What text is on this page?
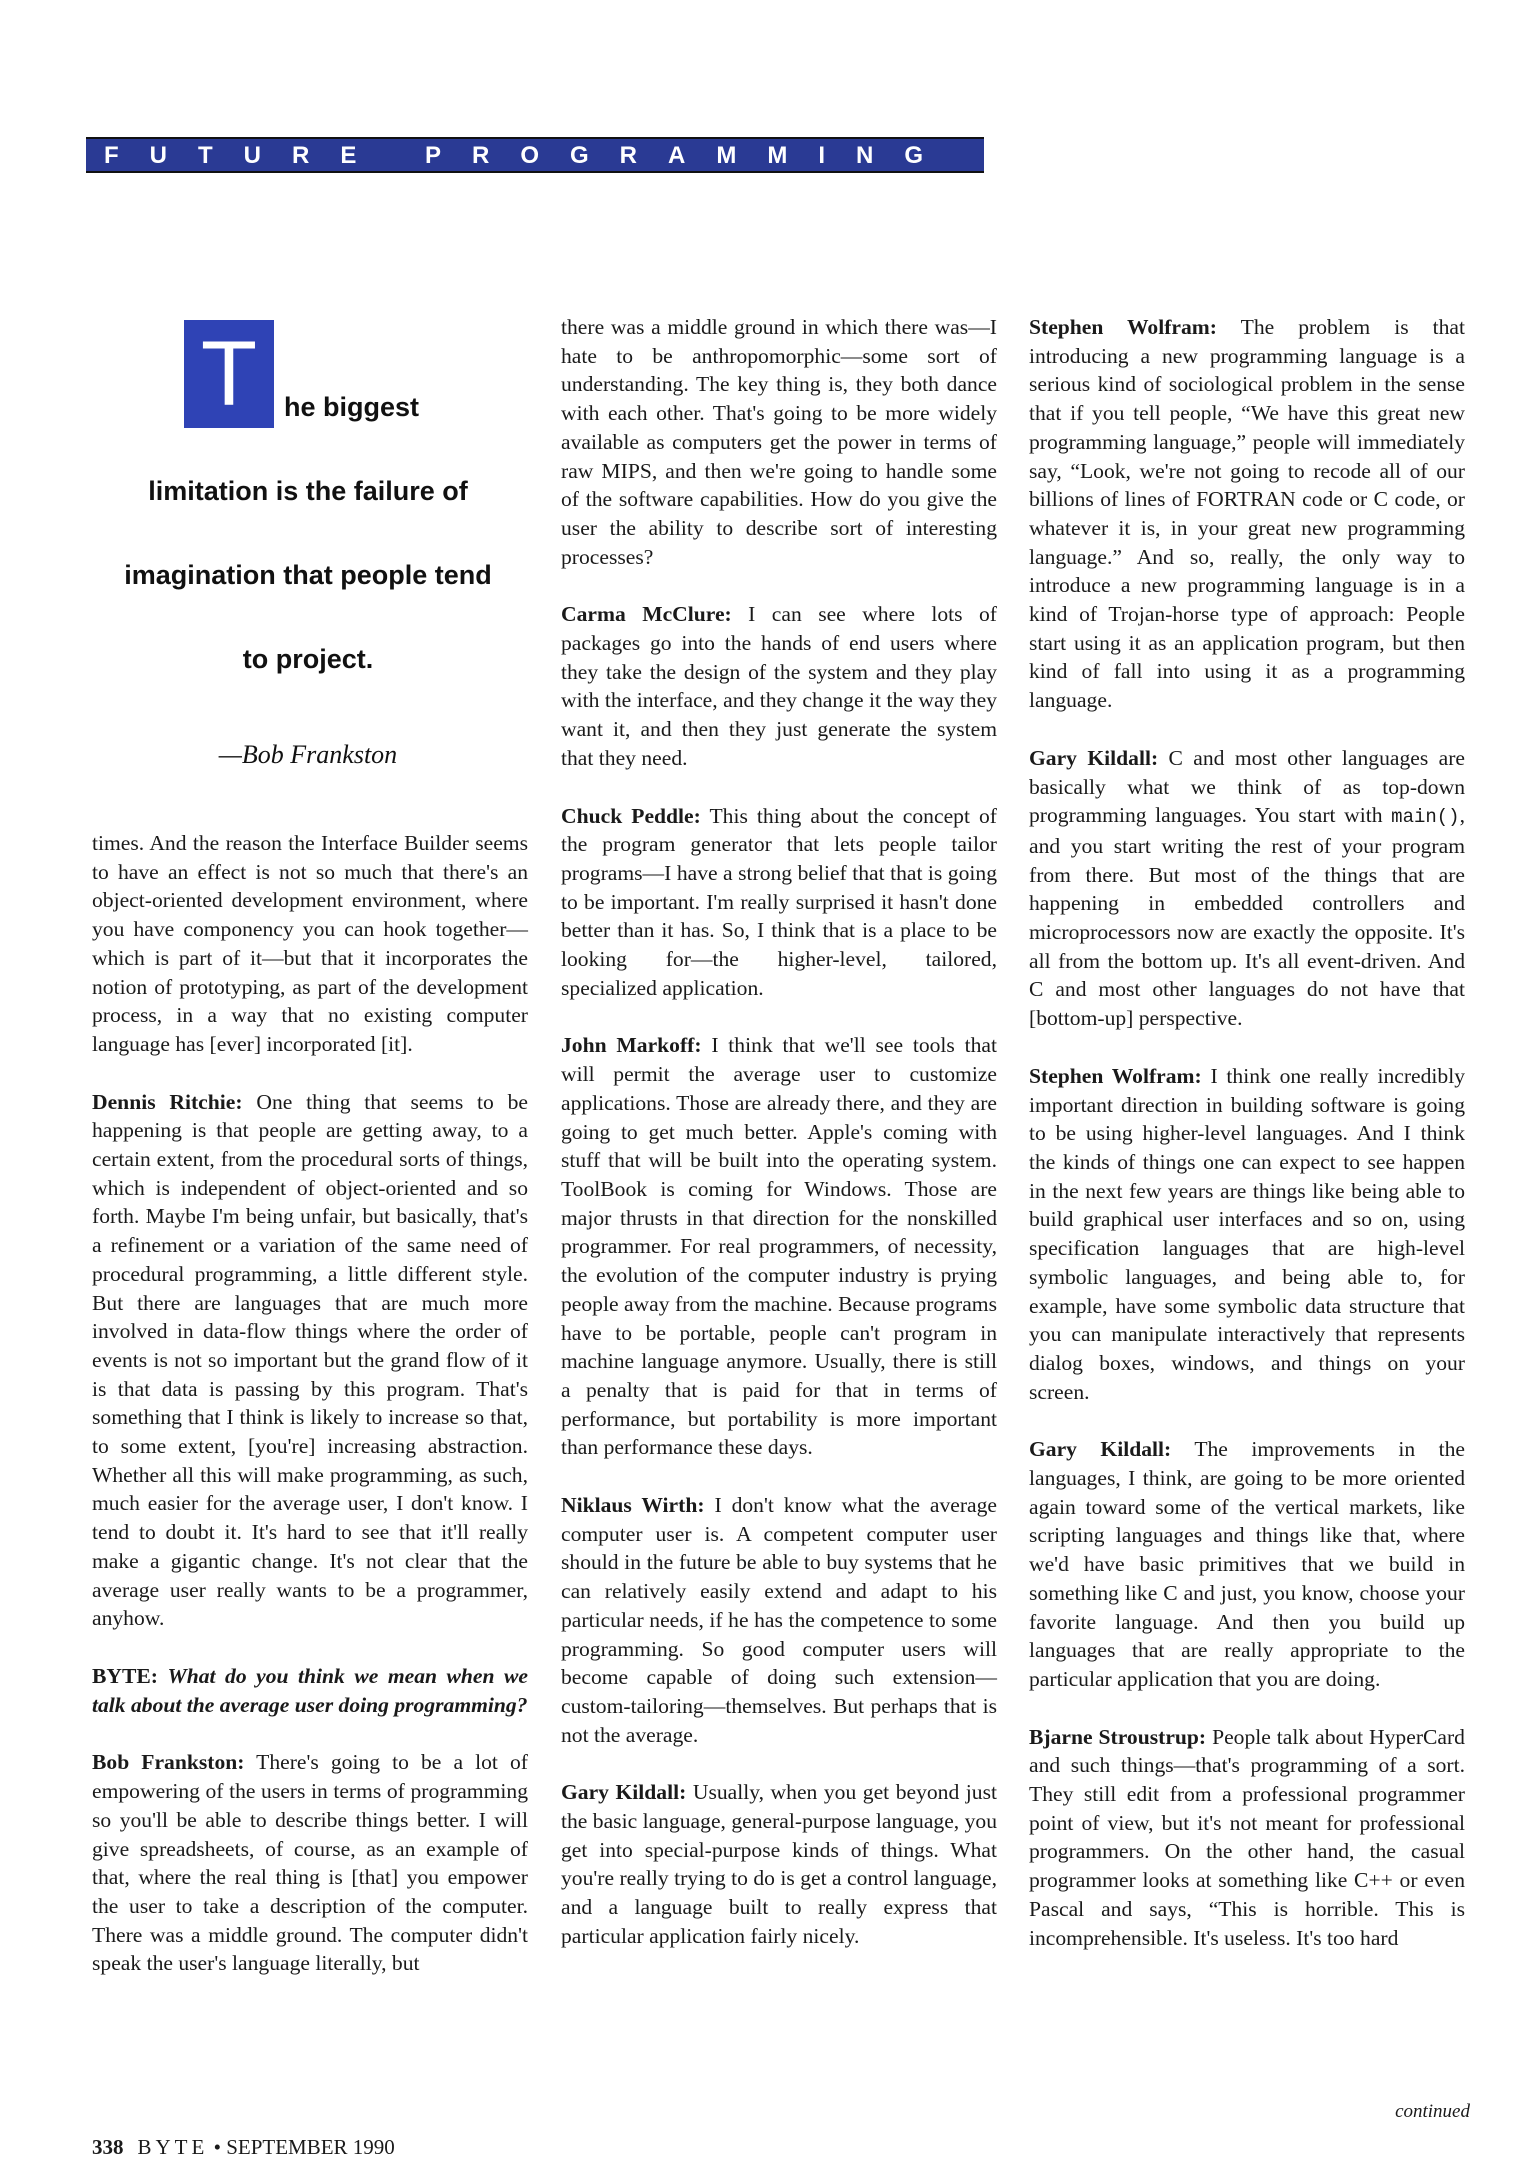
FUTURE PROGRAMMING
T he biggest
limitation is the failure of
imagination that people tend
to project.
—Bob Frankston

times. And the reason the Interface Builder seems to have an effect is not so much that there's an object-oriented development environment, where you have componency you can hook together—which is part of it—but that it incorporates the notion of prototyping, as part of the development process, in a way that no existing computer language has [ever] incorporated [it].

Dennis Ritchie: One thing that seems to be happening is that people are getting away, to a certain extent, from the procedural sorts of things, which is independent of object-oriented and so forth. Maybe I'm being unfair, but basically, that's a refinement or a variation of the same need of procedural programming, a little different style. But there are languages that are much more involved in data-flow things where the order of events is not so important but the grand flow of it is that data is passing by this program. That's something that I think is likely to increase so that, to some extent, [you're] increasing abstraction. Whether all this will make programming, as such, much easier for the average user, I don't know. I tend to doubt it. It's hard to see that it'll really make a gigantic change. It's not clear that the average user really wants to be a programmer, anyhow.

BYTE: What do you think we mean when we talk about the average user doing programming?

Bob Frankston: There's going to be a lot of empowering of the users in terms of programming so you'll be able to describe things better. I will give spreadsheets, of course, as an example of that, where the real thing is [that] you empower the user to take a description of the computer. There was a middle ground. The computer didn't speak the user's language literally, but

there was a middle ground in which there was—I hate to be anthropomorphic—some sort of understanding. The key thing is, they both dance with each other. That's going to be more widely available as computers get the power in terms of raw MIPS, and then we're going to handle some of the software capabilities. How do you give the user the ability to describe sort of interesting processes?

Carma McClure: I can see where lots of packages go into the hands of end users where they take the design of the system and they play with the interface, and they change it the way they want it, and then they just generate the system that they need.

Chuck Peddle: This thing about the concept of the program generator that lets people tailor programs—I have a strong belief that that is going to be important. I'm really surprised it hasn't done better than it has. So, I think that is a place to be looking for—the higher-level, tailored, specialized application.

John Markoff: I think that we'll see tools that will permit the average user to customize applications. Those are already there, and they are going to get much better. Apple's coming with stuff that will be built into the operating system. ToolBook is coming for Windows. Those are major thrusts in that direction for the nonskilled programmer. For real programmers, of necessity, the evolution of the computer industry is prying people away from the machine. Because programs have to be portable, people can't program in machine language anymore. Usually, there is still a penalty that is paid for that in terms of performance, but portability is more important than performance these days.

Niklaus Wirth: I don't know what the average computer user is. A competent computer user should in the future be able to buy systems that he can relatively easily extend and adapt to his particular needs, if he has the competence to some programming. So good computer users will become capable of doing such extension—custom-tailoring—themselves. But perhaps that is not the average.

Gary Kildall: Usually, when you get beyond just the basic language, general-purpose language, you get into special-purpose kinds of things. What you're really trying to do is get a control language, and a language built to really express that particular application fairly nicely.

Stephen Wolfram: The problem is that introducing a new programming language is a serious kind of sociological problem in the sense that if you tell people, “We have this great new programming language,” people will immediately say, “Look, we're not going to recode all of our billions of lines of FORTRAN code or C code, or whatever it is, in your great new programming language.” And so, really, the only way to introduce a new programming language is in a kind of Trojan-horse type of approach: People start using it as an application program, but then kind of fall into using it as a programming language.

Gary Kildall: C and most other languages are basically what we think of as top-down programming languages. You start with main(), and you start writing the rest of your program from there. But most of the things that are happening in embedded controllers and microprocessors now are exactly the opposite. It's all from the bottom up. It's all event-driven. And C and most other languages do not have that [bottom-up] perspective.

Stephen Wolfram: I think one really incredibly important direction in building software is going to be using higher-level languages. And I think the kinds of things one can expect to see happen in the next few years are things like being able to build graphical user interfaces and so on, using specification languages that are high-level symbolic languages, and being able to, for example, have some symbolic data structure that you can manipulate interactively that represents dialog boxes, windows, and things on your screen.

Gary Kildall: The improvements in the languages, I think, are going to be more oriented again toward some of the vertical markets, like scripting languages and things like that, where we'd have basic primitives that we build in something like C and just, you know, choose your favorite language. And then you build up languages that are really appropriate to the particular application that you are doing.

Bjarne Stroustrup: People talk about HyperCard and such things—that's programming of a sort. They still edit from a professional programmer point of view, but it's not meant for professional programmers. On the other hand, the casual programmer looks at something like C++ or even Pascal and says, “This is horrible. This is incomprehensible. It's useless. It's too hard

continued
338 BYTE • SEPTEMBER 1990
